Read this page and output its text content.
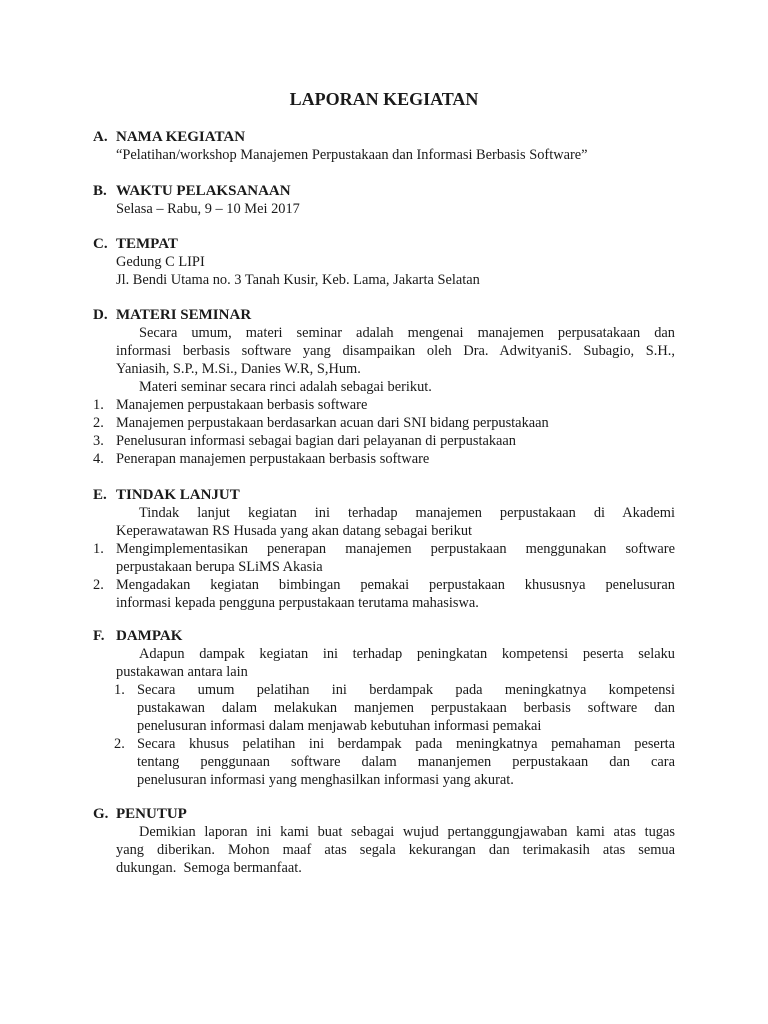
LAPORAN KEGIATAN
A. NAMA KEGIATAN
“Pelatihan/workshop Manajemen Perpustakaan dan Informasi Berbasis Software”
B. WAKTU PELAKSANAAN
Selasa – Rabu, 9 – 10 Mei 2017
C. TEMPAT
Gedung C LIPI
Jl. Bendi Utama no. 3 Tanah Kusir, Keb. Lama, Jakarta Selatan
D. MATERI SEMINAR
Secara umum, materi seminar adalah mengenai manajemen perpusatakaan dan
informasi berbasis software yang disampaikan oleh Dra. AdwityaniS. Subagio, S.H.,
Yaniasih, S.P., M.Si., Danies W.R, S,Hum.
Materi seminar secara rinci adalah sebagai berikut.
1. Manajemen perpustakaan berbasis software
2. Manajemen perpustakaan berdasarkan acuan dari SNI bidang perpustakaan
3. Penelusuran informasi sebagai bagian dari pelayanan di perpustakaan
4. Penerapan manajemen perpustakaan berbasis software
E. TINDAK LANJUT
Tindak lanjut kegiatan ini terhadap manajemen perpustakaan di Akademi
Keperawatawan RS Husada yang akan datang sebagai berikut
1. Mengimplementasikan penerapan manajemen perpustakaan menggunakan software
perpustakaan berupa SLiMS Akasia
2. Mengadakan kegiatan bimbingan pemakai perpustakaan khususnya penelusuran
informasi kepada pengguna perpustakaan terutama mahasiswa.
F. DAMPAK
Adapun dampak kegiatan ini terhadap peningkatan kompetensi peserta selaku
pustakawan antara lain
1. Secara umum pelatihan ini berdampak pada meningkatnya kompetensi
pustakawan dalam melakukan manjemen perpustakaan berbasis software dan
penelusuran informasi dalam menjawab kebutuhan informasi pemakai
2. Secara khusus pelatihan ini berdampak pada meningkatnya pemahaman peserta
tentang penggunaan software dalam mananjemen perpustakaan dan cara
penelusuran informasi yang menghasilkan informasi yang akurat.
G. PENUTUP
Demikian laporan ini kami buat sebagai wujud pertanggungjawaban kami atas tugas
yang diberikan. Mohon maaf atas segala kekurangan dan terimakasih atas semua
dukungan.  Semoga bermanfaat.
